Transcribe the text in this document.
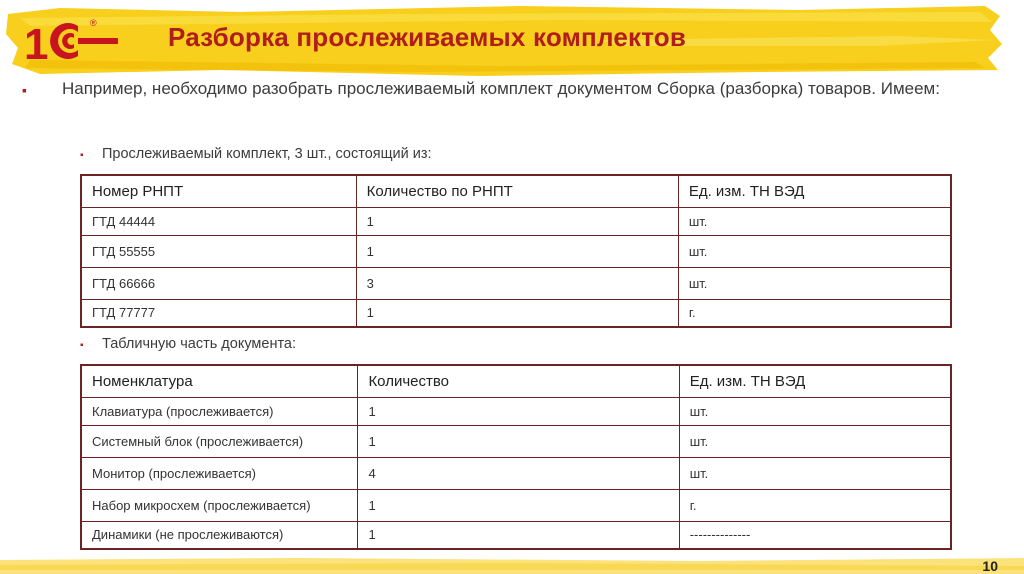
1	®	Разборка прослеживаемых комплектов
▪ Например, необходимо разобрать прослеживаемый комплект документом Сборка (разборка) товаров. Имеем:
▪ Прослеживаемый комплект, 3 шт., состоящий из:
Номер РНПТ	Количество по РНПТ	Ед. изм. ТН ВЭД
ГТД 44444	1	шт.
ГТД 55555	1	шт.
ГТД 66666	3	шт.
ГТД 77777	1	г.
▪ Табличную часть документа:
Номенклатура	Количество	Ед. изм. ТН ВЭД
Клавиатура (прослеживается)	1	шт.
Системный блок (прослеживается)	1	шт.
Монитор (прослеживается)	4	шт.
Набор микросхем (прослеживается)	1	г.
Динамики (не прослеживаются)	1	--------------
10
